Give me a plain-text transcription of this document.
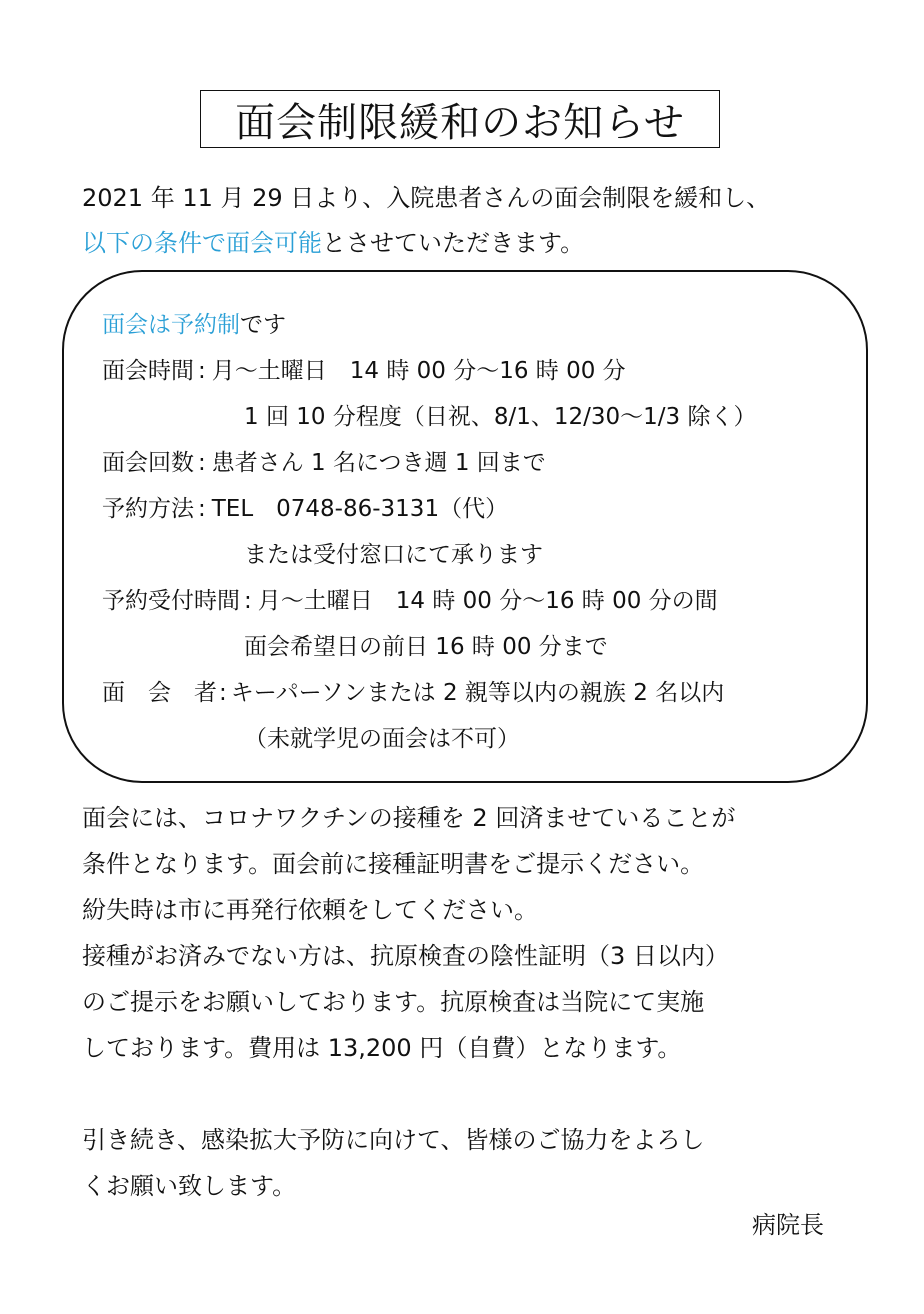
面会制限緩和のお知らせ
2021 年 11 月 29 日より、入院患者さんの面会制限を緩和し、
以下の条件で面会可能とさせていただきます。
面会は予約制です
面会時間 : 月～土曜日　14 時 00 分～16 時 00 分
1 回 10 分程度（日祝、8/1、12/30～1/3 除く）
面会回数 : 患者さん 1 名につき週 1 回まで
予約方法 : TEL　0748-86-3131（代）
または受付窓口にて承ります
予約受付時間 : 月～土曜日　14 時 00 分～16 時 00 分の間
面会希望日の前日 16 時 00 分まで
面　会　者: キーパーソンまたは 2 親等以内の親族 2 名以内
（未就学児の面会は不可）
面会には、コロナワクチンの接種を 2 回済ませていることが
条件となります。面会前に接種証明書をご提示ください。
紛失時は市に再発行依頼をしてください。
接種がお済みでない方は、抗原検査の陰性証明（3 日以内）
のご提示をお願いしております。抗原検査は当院にて実施
しております。費用は 13,200 円（自費）となります。
引き続き、感染拡大予防に向けて、皆様のご協力をよろし
くお願い致します。
病院長
